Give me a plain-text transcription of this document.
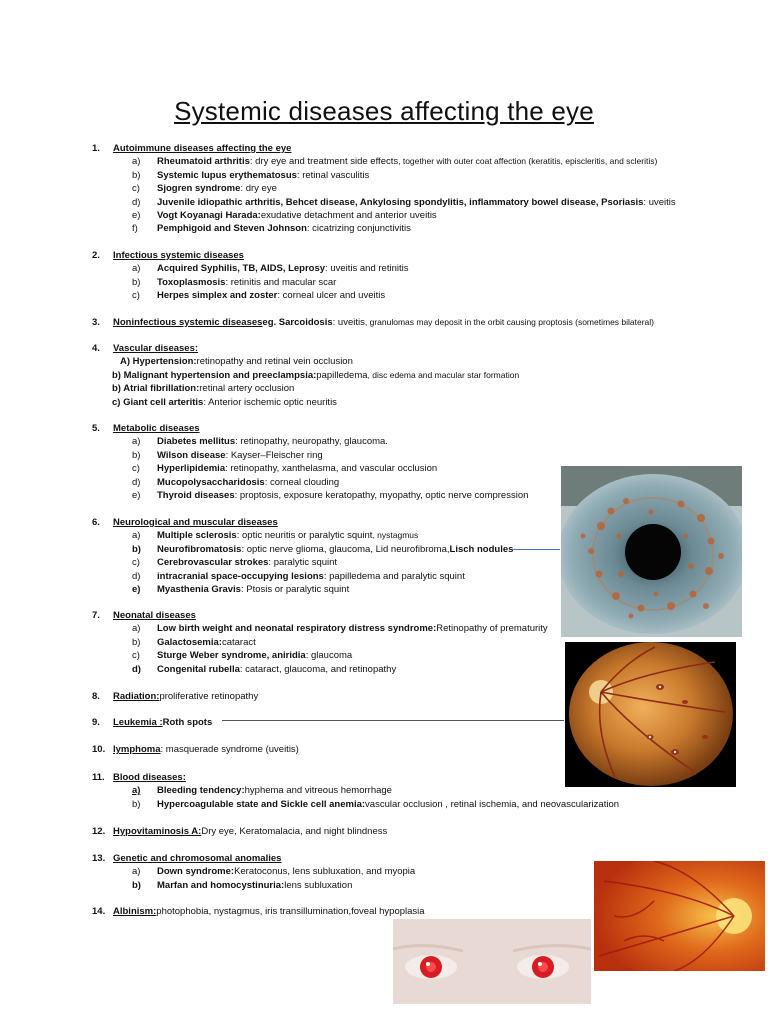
Systemic diseases affecting the eye
1.	Autoimmune diseases affecting the eye
a)	Rheumatoid arthritis : dry eye and treatment side effects , together with outer coat affection (keratitis, episcleritis, and scleritis)
b)	Systemic lupus erythematosus : retinal vasculitis
c)	Sjogren syndrome : dry eye
d)	Juvenile idiopathic arthritis, Behcet disease, Ankylosing spondylitis, inflammatory bowel disease, Psoriasis : uveitis
e)	Vogt Koyanagi Harada: exudative detachment and anterior uveitis
f)	Pemphigoid and Steven Johnson : cicatrizing conjunctivitis
2.	Infectious systemic diseases
a)	Acquired Syphilis, TB, AIDS, Leprosy : uveitis and retinitis
b)	Toxoplasmosis : retinitis and macular scar
c)	Herpes simplex and zoster : corneal ulcer and uveitis
3.	Noninfectious systemic diseases eg. Sarcoidosis : uveitis , granulomas may deposit in the orbit causing proptosis (sometimes bilateral)
4.	Vascular diseases:
A) Hypertension: retinopathy and retinal vein occlusion
b) Malignant hypertension and preeclampsia: papilledema , disc edema and macular star formation
b) Atrial fibrillation: retinal artery occlusion
c) Giant cell arteritis : Anterior ischemic optic neuritis
5.	Metabolic diseases
a)	Diabetes mellitus : retinopathy, neuropathy, glaucoma.
b)	Wilson disease : Kayser–Fleischer ring
c)	Hyperlipidemia : retinopathy, xanthelasma, and vascular occlusion
d)	Mucopolysaccharidosis : corneal clouding
e)	Thyroid diseases : proptosis, exposure keratopathy, myopathy, optic nerve compression
6.	Neurological and muscular diseases
a)	Multiple sclerosis : optic neuritis or paralytic squint , nystagmus
b)	Neurofibromatosis : optic nerve glioma, glaucoma, Lid neurofibroma, Lisch nodules
c)	Cerebrovascular strokes : paralytic squint
d)	intracranial space-occupying lesions : papilledema and paralytic squint
e)	Myasthenia Gravis : Ptosis or paralytic squint
7.	Neonatal diseases
a)	Low birth weight and neonatal respiratory distress syndrome: Retinopathy of prematurity
b)	Galactosemia: cataract
c)	Sturge Weber syndrome, aniridia : glaucoma
d)	Congenital rubella : cataract, glaucoma, and retinopathy
8.	Radiation: proliferative retinopathy
9.	Leukemia : Roth spots
10. lymphoma : masquerade syndrome (uveitis)
11. Blood diseases:
a)	Bleeding tendency: hyphema and vitreous hemorrhage
b)	Hypercoagulable state and Sickle cell anemia: vascular occlusion , retinal ischemia, and neovascularization
12. Hypovitaminosis A: Dry eye, Keratomalacia, and night blindness
13. Genetic and chromosomal anomalies
a)	Down syndrome: Keratoconus, lens subluxation, and myopia
b)	Marfan and homocystinuria: lens subluxation
14. Albinism: photophobia, nystagmus, iris transillumination,foveal hypoplasia
